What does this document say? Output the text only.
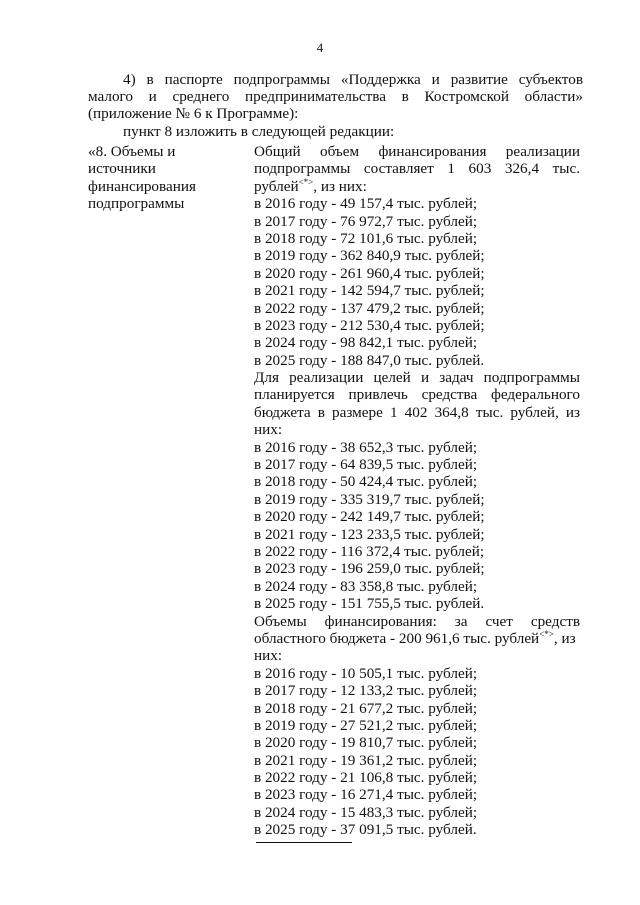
4
4) в паспорте подпрограммы «Поддержка и развитие субъектов
малого и среднего предпринимательства в Костромской области»
(приложение № 6 к Программе):
пункт 8 изложить в следующей редакции:
«8. Объемы и
источники
финансирования
подпрограммы
Общий объем финансирования реализации
подпрограммы составляет 1 603 326,4 тыс.
рублей<*>, из них:
в 2016 году - 49 157,4 тыс. рублей;
в 2017 году - 76 972,7 тыс. рублей;
в 2018 году - 72 101,6 тыс. рублей;
в 2019 году - 362 840,9 тыс. рублей;
в 2020 году - 261 960,4 тыс. рублей;
в 2021 году - 142 594,7 тыс. рублей;
в 2022 году - 137 479,2 тыс. рублей;
в 2023 году - 212 530,4 тыс. рублей;
в 2024 году - 98 842,1 тыс. рублей;
в 2025 году - 188 847,0 тыс. рублей.
Для реализации целей и задач подпрограммы
планируется привлечь средства федерального
бюджета в размере 1 402 364,8 тыс. рублей, из
них:
в 2016 году - 38 652,3 тыс. рублей;
в 2017 году - 64 839,5 тыс. рублей;
в 2018 году - 50 424,4 тыс. рублей;
в 2019 году - 335 319,7 тыс. рублей;
в 2020 году - 242 149,7 тыс. рублей;
в 2021 году - 123 233,5 тыс. рублей;
в 2022 году - 116 372,4 тыс. рублей;
в 2023 году - 196 259,0 тыс. рублей;
в 2024 году - 83 358,8 тыс. рублей;
в 2025 году - 151 755,5 тыс. рублей.
Объемы финансирования: за счет средств
областного бюджета - 200 961,6 тыс. рублей<*>, из
них:
в 2016 году - 10 505,1 тыс. рублей;
в 2017 году - 12 133,2 тыс. рублей;
в 2018 году - 21 677,2 тыс. рублей;
в 2019 году - 27 521,2 тыс. рублей;
в 2020 году - 19 810,7 тыс. рублей;
в 2021 году - 19 361,2 тыс. рублей;
в 2022 году - 21 106,8 тыс. рублей;
в 2023 году - 16 271,4 тыс. рублей;
в 2024 году - 15 483,3 тыс. рублей;
в 2025 году - 37 091,5 тыс. рублей.
